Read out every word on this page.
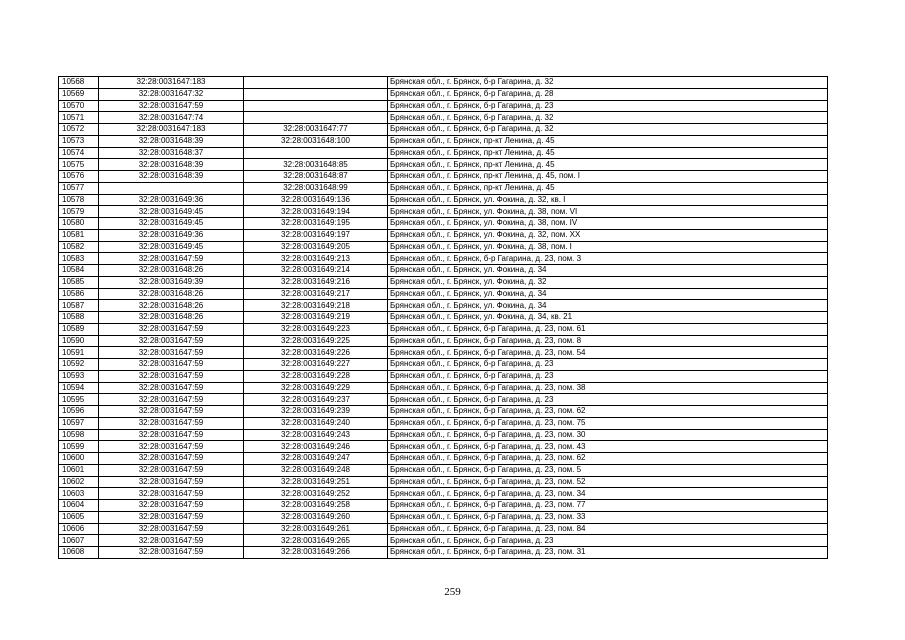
10568	32:28:0031647:183		Брянская обл., г. Брянск, б-р Гагарина, д. 32
10569	32:28:0031647:32		Брянская обл., г. Брянск, б-р Гагарина, д. 28
10570	32:28:0031647:59		Брянская обл., г. Брянск, б-р Гагарина, д. 23
10571	32:28:0031647:74		Брянская обл., г. Брянск, б-р Гагарина, д. 32
10572	32:28:0031647:183	32:28:0031647:77	Брянская обл., г. Брянск, б-р Гагарина, д. 32
10573	32:28:0031648:39	32:28:0031648:100	Брянская обл., г. Брянск, пр-кт Ленина, д. 45
10574	32:28:0031648:37		Брянская обл., г. Брянск, пр-кт Ленина, д. 45
10575	32:28:0031648:39	32:28:0031648:85	Брянская обл., г. Брянск, пр-кт Ленина, д. 45
10576	32:28:0031648:39	32:28:0031648:87	Брянская обл., г. Брянск, пр-кт Ленина, д. 45, пом. I
10577		32:28:0031648:99	Брянская обл., г. Брянск, пр-кт Ленина, д. 45
10578	32:28:0031649:36	32:28:0031649:136	Брянская обл., г. Брянск, ул. Фокина, д. 32, кв. I
10579	32:28:0031649:45	32:28:0031649:194	Брянская обл., г. Брянск, ул. Фокина, д. 38, пом. VI
10580	32:28:0031649:45	32:28:0031649:195	Брянская обл., г. Брянск, ул. Фокина, д. 38, пом. IV
10581	32:28:0031649:36	32:28:0031649:197	Брянская обл., г. Брянск, ул. Фокина, д. 32, пом. XX
10582	32:28:0031649:45	32:28:0031649:205	Брянская обл., г. Брянск, ул. Фокина, д. 38, пом. I
10583	32:28:0031647:59	32:28:0031649:213	Брянская обл., г. Брянск, б-р Гагарина, д. 23, пом. 3
10584	32:28:0031648:26	32:28:0031649:214	Брянская обл., г. Брянск, ул. Фокина, д. 34
10585	32:28:0031649:39	32:28:0031649:216	Брянская обл., г. Брянск, ул. Фокина, д. 32
10586	32:28:0031648:26	32:28:0031649:217	Брянская обл., г. Брянск, ул. Фокина, д. 34
10587	32:28:0031648:26	32:28:0031649:218	Брянская обл., г. Брянск, ул. Фокина, д. 34
10588	32:28:0031648:26	32:28:0031649:219	Брянская обл., г. Брянск, ул. Фокина, д. 34, кв. 21
10589	32:28:0031647:59	32:28:0031649:223	Брянская обл., г. Брянск, б-р Гагарина, д. 23, пом. 61
10590	32:28:0031647:59	32:28:0031649:225	Брянская обл., г. Брянск, б-р Гагарина, д. 23, пом. 8
10591	32:28:0031647:59	32:28:0031649:226	Брянская обл., г. Брянск, б-р Гагарина, д. 23, пом. 54
10592	32:28:0031647:59	32:28:0031649:227	Брянская обл., г. Брянск, б-р Гагарина, д. 23
10593	32:28:0031647:59	32:28:0031649:228	Брянская обл., г. Брянск, б-р Гагарина, д. 23
10594	32:28:0031647:59	32:28:0031649:229	Брянская обл., г. Брянск, б-р Гагарина, д. 23, пом. 38
10595	32:28:0031647:59	32:28:0031649:237	Брянская обл., г. Брянск, б-р Гагарина, д. 23
10596	32:28:0031647:59	32:28:0031649:239	Брянская обл., г. Брянск, б-р Гагарина, д. 23, пом. 62
10597	32:28:0031647:59	32:28:0031649:240	Брянская обл., г. Брянск, б-р Гагарина, д. 23, пом. 75
10598	32:28:0031647:59	32:28:0031649:243	Брянская обл., г. Брянск, б-р Гагарина, д. 23, пом. 30
10599	32:28:0031647:59	32:28:0031649:246	Брянская обл., г. Брянск, б-р Гагарина, д. 23, пом. 43
10600	32:28:0031647:59	32:28:0031649:247	Брянская обл., г. Брянск, б-р Гагарина, д. 23, пом. 62
10601	32:28:0031647:59	32:28:0031649:248	Брянская обл., г. Брянск, б-р Гагарина, д. 23, пом. 5
10602	32:28:0031647:59	32:28:0031649:251	Брянская обл., г. Брянск, б-р Гагарина, д. 23, пом. 52
10603	32:28:0031647:59	32:28:0031649:252	Брянская обл., г. Брянск, б-р Гагарина, д. 23, пом. 34
10604	32:28:0031647:59	32:28:0031649:258	Брянская обл., г. Брянск, б-р Гагарина, д. 23, пом. 77
10605	32:28:0031647:59	32:28:0031649:260	Брянская обл., г. Брянск, б-р Гагарина, д. 23, пом. 33
10606	32:28:0031647:59	32:28:0031649:261	Брянская обл., г. Брянск, б-р Гагарина, д. 23, пом. 84
10607	32:28:0031647:59	32:28:0031649:265	Брянская обл., г. Брянск, б-р Гагарина, д. 23
10608	32:28:0031647:59	32:28:0031649:266	Брянская обл., г. Брянск, б-р Гагарина, д. 23, пом. 31
259
